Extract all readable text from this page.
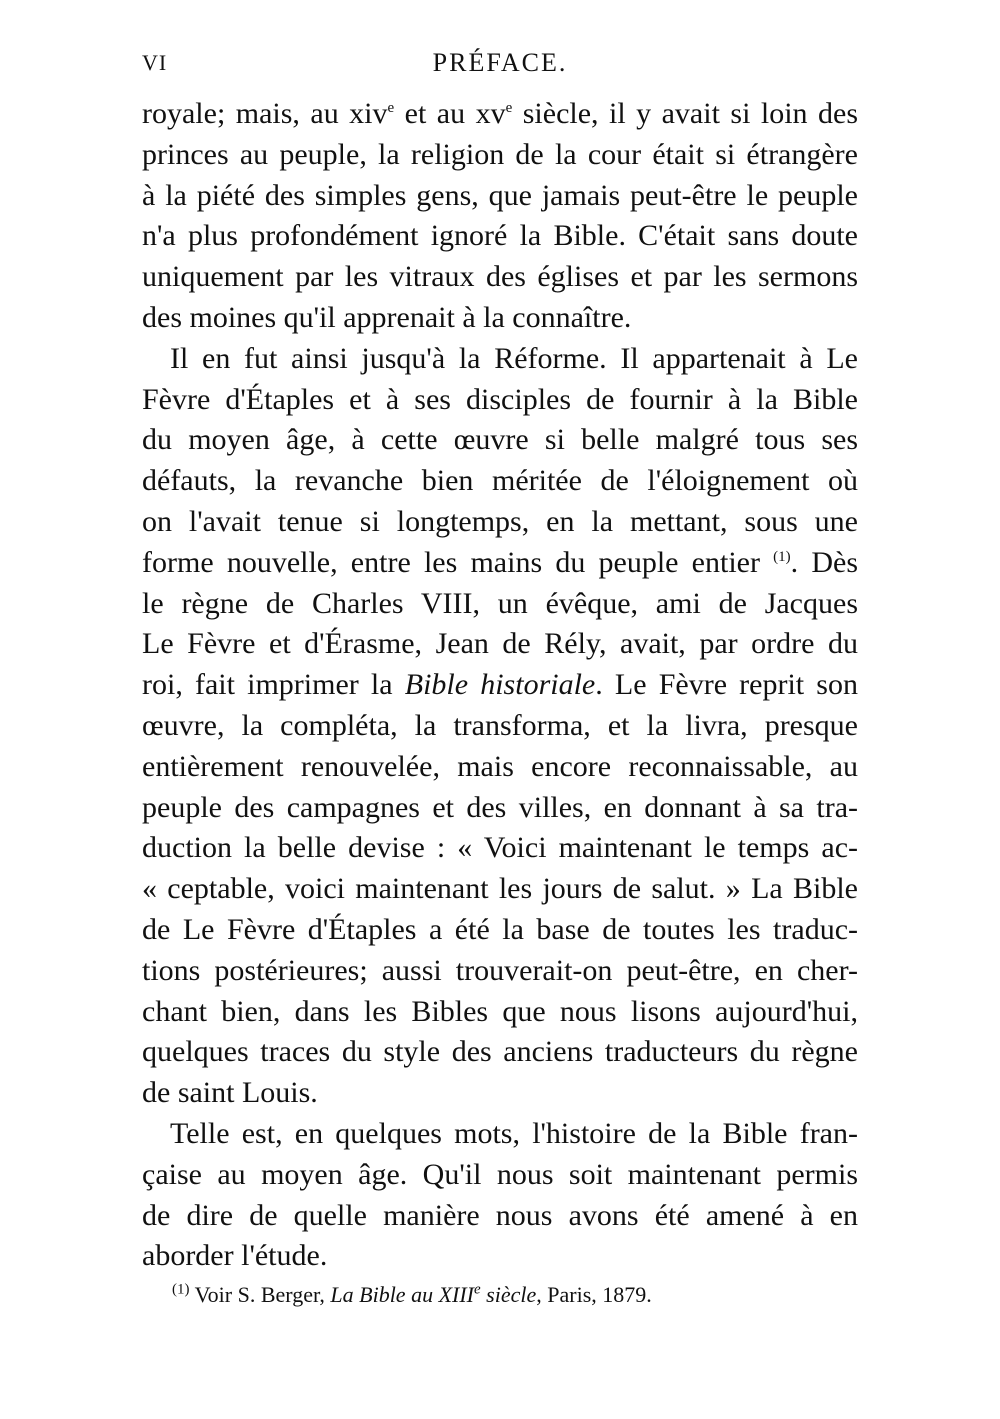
VI	PRÉFACE.
royale; mais, au xiv$^e$ et au $xv^e$ siècle, il y avait si loin des
princes au peuple, la religion de la cour était si étrangère
à la piété des simples gens, que jamais peut-être le peuple
n'a plus profondément ignoré la Bible. C'était sans doute
uniquement par les vitraux des églises et par les sermons
des moines qu'il apprenait à la connaître.
Il en fut ainsi jusqu'à la Réforme. Il appartenait à Le
Fèvre d'Étaples et à ses disciples de fournir à la Bible
du moyen âge, à cette œuvre si belle malgré tous ses
défauts, la revanche bien méritée de l'éloignement où
on l'avait tenue si longtemps, en la mettant, sous une
forme nouvelle, entre les mains du peuple entier $^{(1)}$. Dès
le règne de Charles VIII, un évêque, ami de Jacques
Le Fèvre et d'Érasme, Jean de Rély, avait, par ordre du
roi, fait imprimer la Bible historiale. Le Fèvre reprit son
œuvre, la compléta, la transforma, et la livra, presque
entièrement renouvelée, mais encore reconnaissable, au
peuple des campagnes et des villes, en donnant à sa tra-
duction la belle devise : « Voici maintenant le temps ac-
« ceptable, voici maintenant les jours de salut. » La Bible
de Le Fèvre d'Étaples a été la base de toutes les traduc-
tions postérieures; aussi trouverait-on peut-être, en cher-
chant bien, dans les Bibles que nous lisons aujourd'hui,
quelques traces du style des anciens traducteurs du règne
de saint Louis.
Telle est, en quelques mots, l'histoire de la Bible fran-
çaise au moyen âge. Qu'il nous soit maintenant permis
de dire de quelle manière nous avons été amené à en
aborder l'étude.
$^{(1)}$ Voir S. Berger, La Bible au XIIIe siècle, Paris, 1879.
